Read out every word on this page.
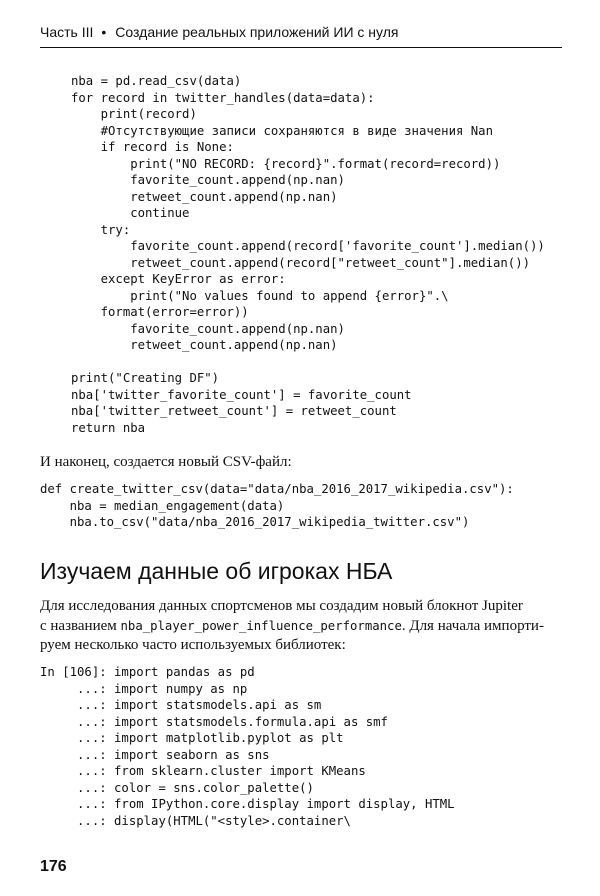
Часть III • Создание реальных приложений ИИ с нуля
nba = pd.read_csv(data)
for record in twitter_handles(data=data):
print(record)
#Отсутствующие записи сохраняются в виде значения Nan
if record is None:
print("NO RECORD: {record}".format(record=record))
favorite_count.append(np.nan)
retweet_count.append(np.nan)
continue
try:
favorite_count.append(record['favorite_count'].median())
retweet_count.append(record["retweet_count"].median())
except KeyError as error:
print("No values found to append {error}".\
format(error=error))
favorite_count.append(np.nan)
retweet_count.append(np.nan)

print("Creating DF")
nba['twitter_favorite_count'] = favorite_count
nba['twitter_retweet_count'] = retweet_count
return nba

И наконец, создается новый CSV-файл:

def create_twitter_csv(data="data/nba_2016_2017_wikipedia.csv"):
nba = median_engagement(data)
nba.to_csv("data/nba_2016_2017_wikipedia_twitter.csv")
Изучаем данные об игроках НБА

Для исследования данных спортсменов мы создадим новый блокнот Jupiter
с названием nba_player_power_influence_performance. Для начала импорти-
руем несколько часто используемых библиотек:

In [106]: import pandas as pd
...: import numpy as np
...: import statsmodels.api as sm
...: import statsmodels.formula.api as smf
...: import matplotlib.pyplot as plt
...: import seaborn as sns
...: from sklearn.cluster import KMeans
...: color = sns.color_palette()
...: from IPython.core.display import display, HTML
...: display(HTML("<style>.container\
176
